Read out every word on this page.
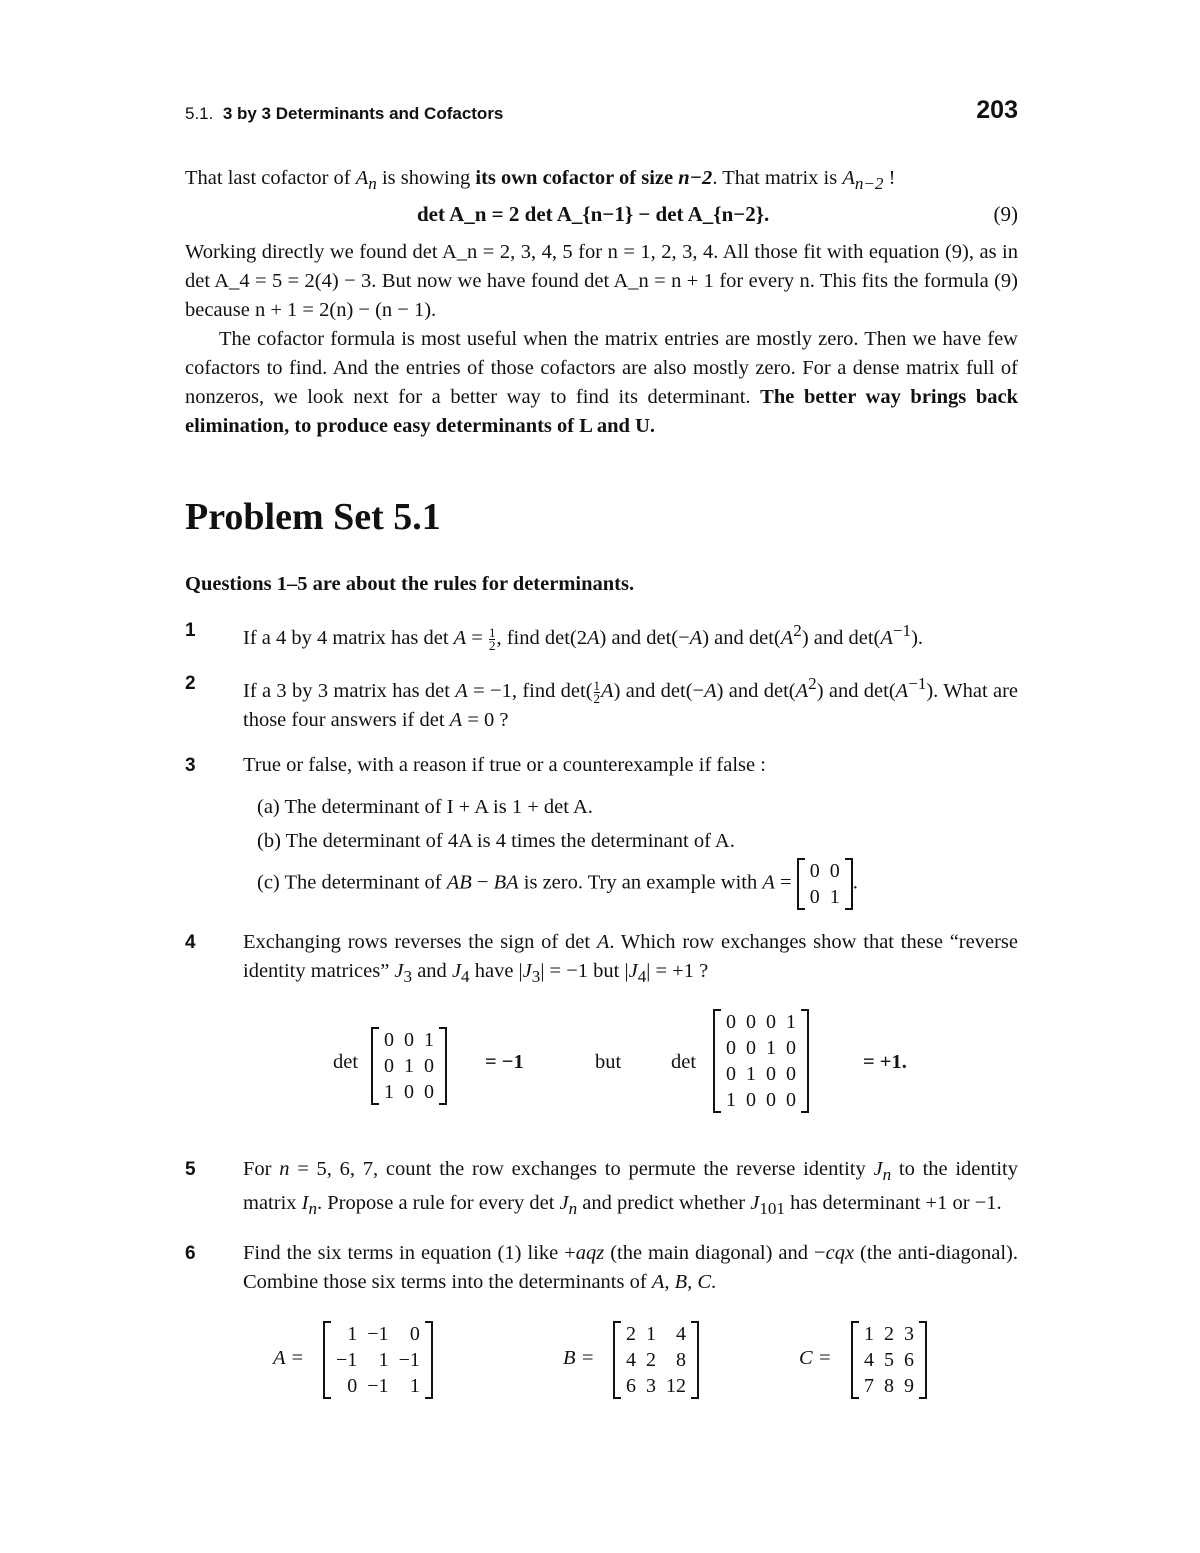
5.1. 3 by 3 Determinants and Cofactors	203

That last cofactor of $A_n$ is showing its own cofactor of size n−2. That matrix is $A_{n-2}$ !

det A_n = 2 det A_{n−1} − det A_{n−2}.	(9)

Working directly we found det A_n = 2, 3, 4, 5 for n = 1, 2, 3, 4. All those fit with equation (9), as in det A_4 = 5 = 2(4) − 3. But now we have found det A_n = n + 1 for every n. This fits the formula (9) because n + 1 = 2(n) − (n − 1).

The cofactor formula is most useful when the matrix entries are mostly zero. Then we have few cofactors to find. And the entries of those cofactors are also mostly zero. For a dense matrix full of nonzeros, we look next for a better way to find its determinant. The better way brings back elimination, to produce easy determinants of L and U.

Problem Set 5.1
Questions 1–5 are about the rules for determinants.
1 If a 4 by 4 matrix has $\det A = \frac{1}{2}$ , find det(2A) and det(−A) and $\det(A^2)$ and $\det(A^{-1})$.
2 If a 3 by 3 matrix has det A = −1, find $\det( \frac{1}{2} A)$ and det(−A) and $\det(A^2)$ and $\det(A^{-1})$. What are those four answers if det A = 0 ?
3 True or false, with a reason if true or a counterexample if false :
(a) The determinant of I + A is 1 + det A.
(b) The determinant of 4A is 4 times the determinant of A.
(c) The determinant of AB − BA is zero. Try an example with A =
0	0
0	1
.
4 Exchanging rows reverses the sign of det A. Which row exchanges show that these “reverse identity matrices” $J_3$ and $J_4$ have $|J_3| = -1$ but $|J_4| = +1$ ?
det
0	0	1
0	1	0
1	0	0
= −1	but det
0	0	0	1
0	0	1	0
0	1	0	0
1	0	0	0
= +1.
5 For n = 5, 6, 7, count the row exchanges to permute the reverse identity $J_n$ to the identity matrix $I_n$. Propose a rule for every $\det J_n$ and predict whether $J_{101}$ has determinant +1 or −1.
6 Find the six terms in equation (1) like +aqz (the main diagonal) and −cqx (the anti-diagonal). Combine those six terms into the determinants of A, B, C.
A =
1	−1	0
−1	1	−1
0	−1	1
B =
2	1	4
4	2	8
6	3	12
C =
1	2	3
4	5	6
7	8	9
